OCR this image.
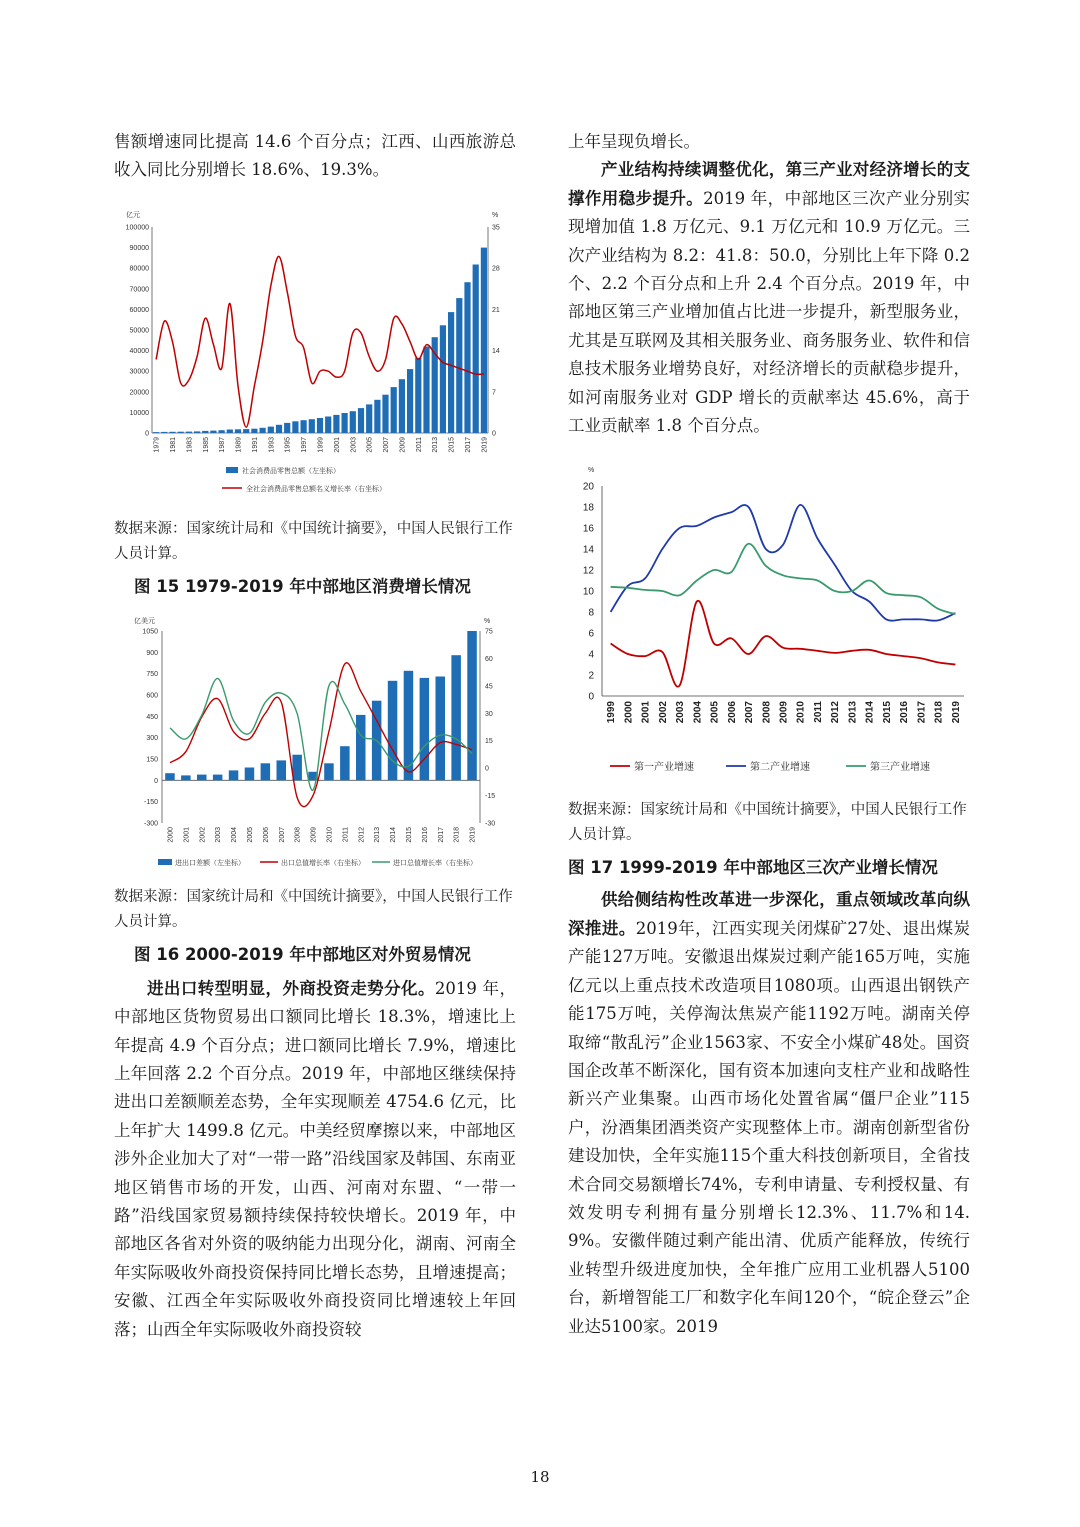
售额增速同比提高 14.6 个百分点；江西、山西旅游总收入同比分别增长 18.6%、19.3%。

亿元	%
0
10000
20000
30000
40000
50000
60000
70000
80000
90000
100000
0
7
14
21
28
35
1979 1981 1983 1985 1987 1989 1991 1993 1995 1997 1999 2001 2003 2005 2007 2009 2011 2013 2015 2017 2019
社会消费品零售总额（左坐标）
全社会消费品零售总额名义增长率（右坐标）

数据来源：国家统计局和《中国统计摘要》，中国人民银行工作人员计算。

图 15 1979-2019 年中部地区消费增长情况

亿美元	%
-300
-150
0
150
300
450
600
750
900
1050
-30
-15
0
15
30
45
60
75
2000 2001 2002 2003 2004 2005 2006 2007 2008 2009 2010 2011 2012 2013 2014 2015 2016 2017 2018 2019
进出口差额（左坐标）	出口总值增长率（右坐标）	进口总值增长率（右坐标）

数据来源：国家统计局和《中国统计摘要》，中国人民银行工作人员计算。

图 16 2000-2019 年中部地区对外贸易情况

进出口转型明显，外商投资走势分化。2019 年，中部地区货物贸易出口额同比增长 18.3%，增速比上年提高 4.9 个百分点；进口额同比增长 7.9%，增速比上年回落 2.2 个百分点。2019 年，中部地区继续保持进出口差额顺差态势，全年实现顺差 4754.6 亿元，比上年扩大 1499.8 亿元。中美经贸摩擦以来，中部地区涉外企业加大了对“一带一路”沿线国家及韩国、东南亚地区销售市场的开发，山西、河南对东盟、“一带一路”沿线国家贸易额持续保持较快增长。2019 年，中部地区各省对外资的吸纳能力出现分化，湖南、河南全年实际吸收外商投资保持同比增长态势，且增速提高；安徽、江西全年实际吸收外商投资同比增速较上年回落；山西全年实际吸收外商投资较

上年呈现负增长。

产业结构持续调整优化，第三产业对经济增长的支撑作用稳步提升。2019 年，中部地区三次产业分别实现增加值 1.8 万亿元、9.1 万亿元和 10.9 万亿元。三次产业结构为 8.2：41.8：50.0，分别比上年下降 0.2 个、2.2 个百分点和上升 2.4 个百分点。2019 年，中部地区第三产业增加值占比进一步提升，新型服务业，尤其是互联网及其相关服务业、商务服务业、软件和信息技术服务业增势良好，对经济增长的贡献稳步提升，如河南服务业对 GDP 增长的贡献率达 45.6%，高于工业贡献率 1.8 个百分点。

%
0
2
4
6
8
10
12
14
16
18
20
1999 2000 2001 2002 2003 2004 2005 2006 2007 2008 2009 2010 2011 2012 2013 2014 2015 2016 2017 2018 2019
第一产业增速	第二产业增速	第三产业增速

数据来源：国家统计局和《中国统计摘要》，中国人民银行工作人员计算。

图 17 1999-2019 年中部地区三次产业增长情况

供给侧结构性改革进一步深化，重点领域改革向纵深推进。2019年，江西实现关闭煤矿27处、退出煤炭产能127万吨。安徽退出煤炭过剩产能165万吨，实施亿元以上重点技术改造项目1080项。山西退出钢铁产能175万吨，关停淘汰焦炭产能1192万吨。湖南关停取缔“散乱污”企业1563家、不安全小煤矿48处。国资国企改革不断深化，国有资本加速向支柱产业和战略性新兴产业集聚。山西市场化处置省属“僵尸企业”115户，汾酒集团酒类资产实现整体上市。湖南创新型省份建设加快，全年实施115个重大科技创新项目，全省技术合同交易额增长74%，专利申请量、专利授权量、有效发明专利拥有量分别增长12.3%、11.7%和14.9%。安徽伴随过剩产能出清、优质产能释放，传统行业转型升级进度加快，全年推广应用工业机器人5100台，新增智能工厂和数字化车间120个，“皖企登云”企业达5100家。2019

18
